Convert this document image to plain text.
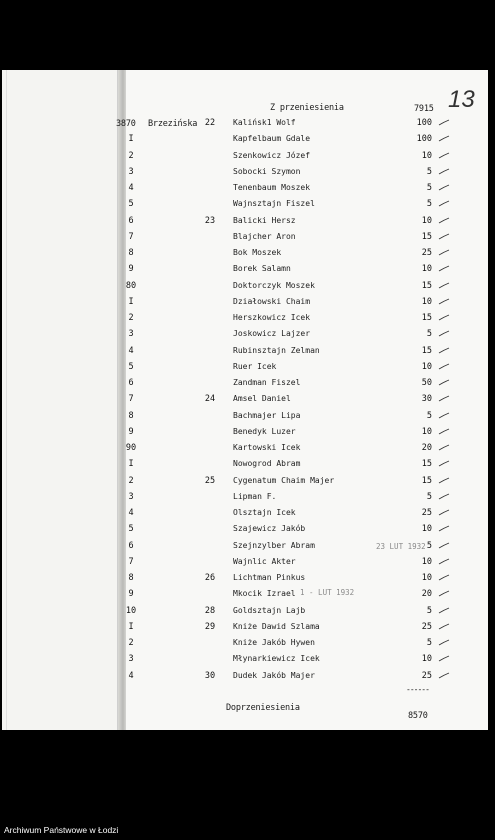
Z przeniesienia	7915 13
3870 Brzezińska 22	Kalińsk1 Wolf	100
I	Kapfelbaum Gdale	100
2	Szenkowicz Józef	10
3	Sobocki Szymon	5
4	Tenenbaum Moszek	5
5	Wajnsztajn Fiszel	5
6	23	Balicki Hersz	10
7	Blajcher Aron	15
8	Bok Moszek	25
9	Borek Salamn	10
80	Doktorczyk Moszek	15
I	Działowski Chaim	10
2	Herszkowicz Icek	15
3	Joskowicz Lajzer	5
4	Rubinsztajn Zelman	15
5	Ruer Icek	10
6	Zandman Fiszel	50
7	24	Amsel Daniel	30
8	Bachmajer Lipa	5
9	Benedyk Luzer	10
90	Kartowski Icek	20
I	Nowogrod Abram	15
2	25	Cygenatum Chaim Majer	15
3	Lipman F.	5
4	Olsztajn Icek	25
5	Szajewicz Jakób	10
6	Szejnzylber Abram	5
7	Wajnlic Akter	10
8	26	Lichtman Pinkus	10
9	Mkocik Izrael	20
10	28	Goldsztajn Lajb	5
I	29	Kniże Dawid Szlama	25
2	Kniże Jakób Hywen	5
3	Młynarkiewicz Icek	10
4	30	Dudek Jakób Majer	25
23 LUT 1932
1 - LUT 1932
------
Doprzeniesienia
8570
Archiwum Państwowe w Łodzi
